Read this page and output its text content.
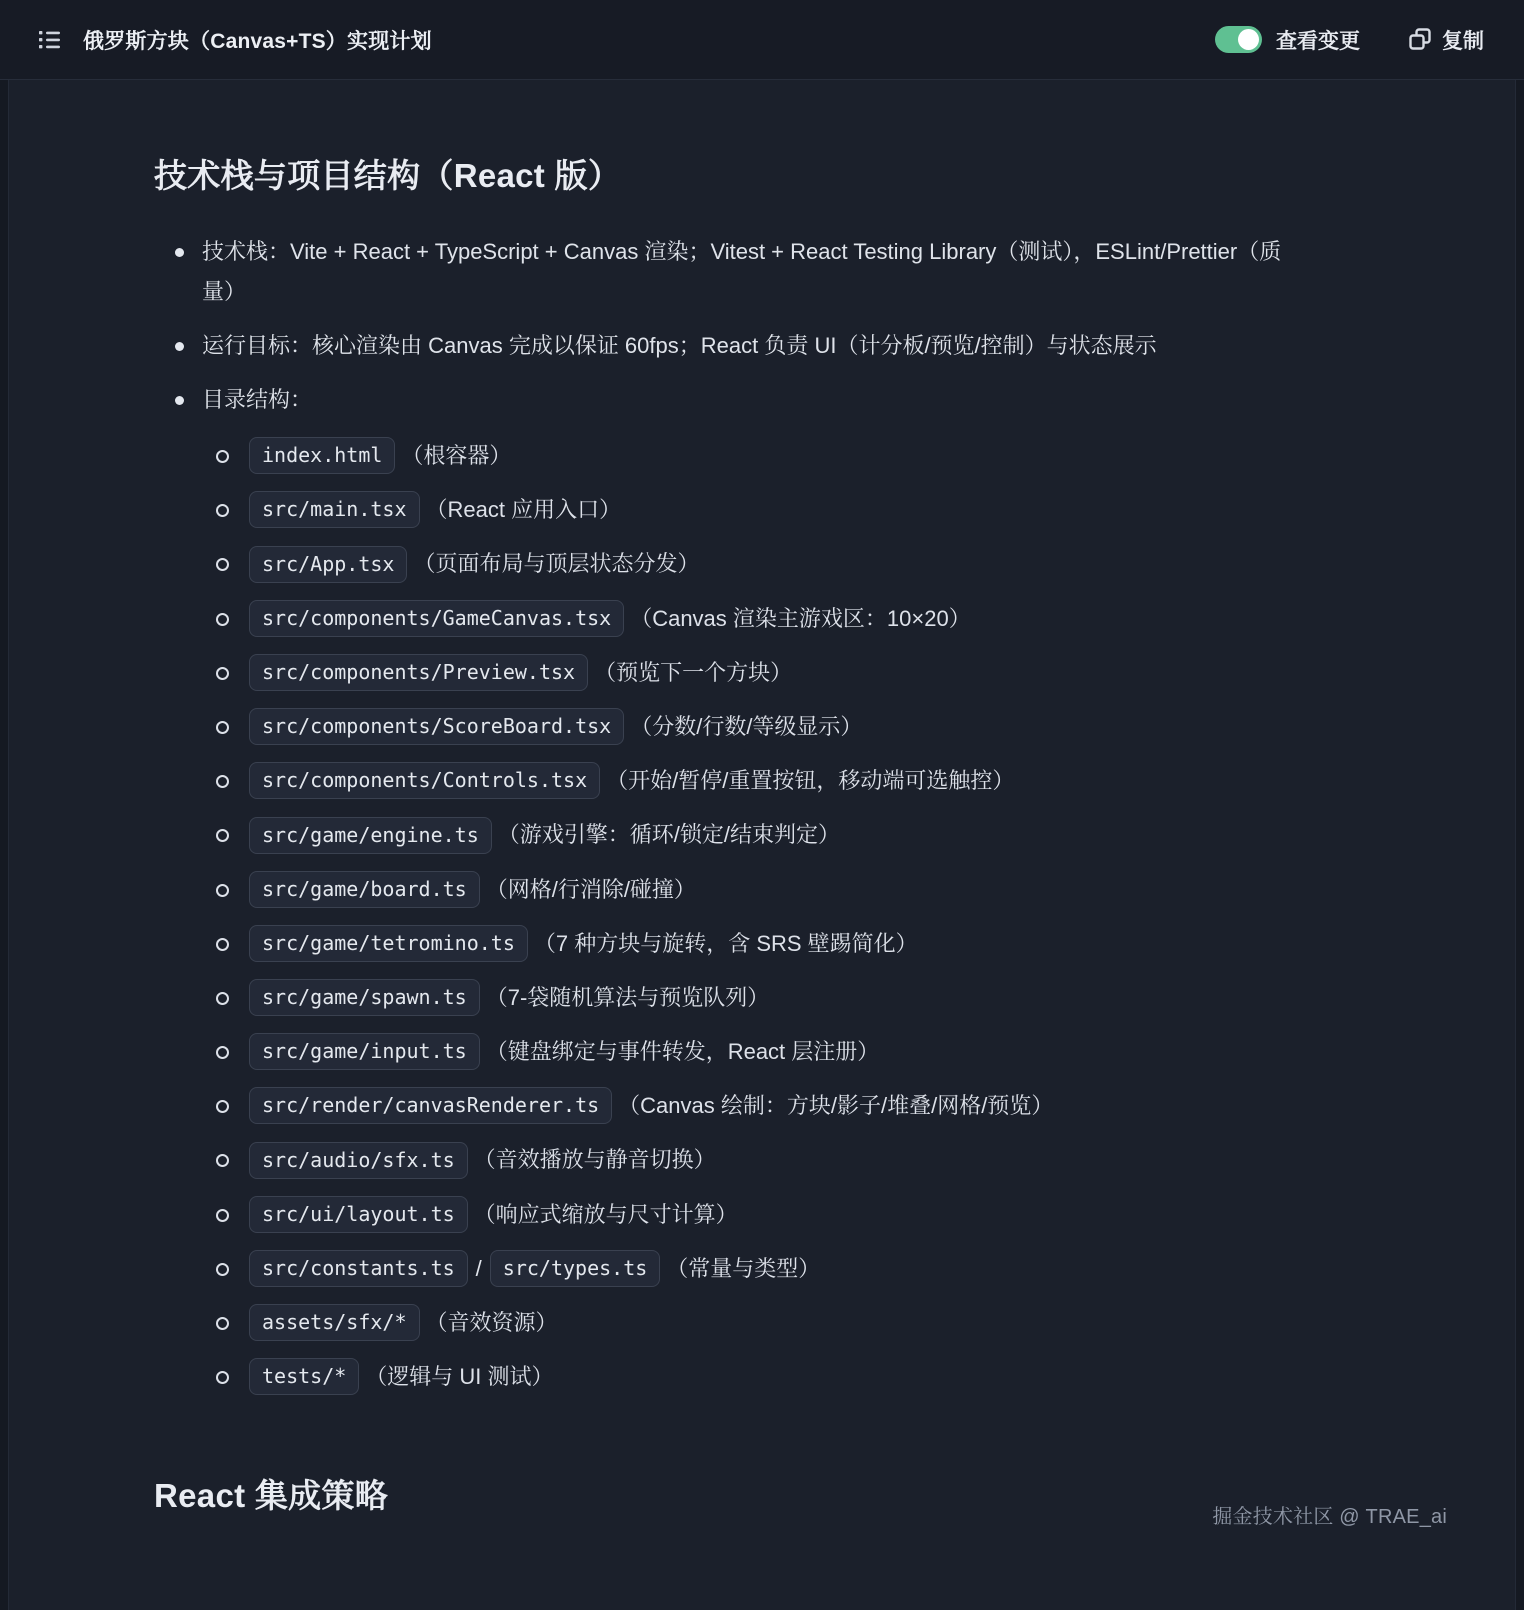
俄罗斯方块（Canvas+TS）实现计划	查看变更	复制
技术栈与项目结构（React 版）
技术栈：Vite + React + TypeScript + Canvas 渲染；Vitest + React Testing Library（测试），ESLint/Prettier（质量）
运行目标：核心渲染由 Canvas 完成以保证 60fps；React 负责 UI（计分板/预览/控制）与状态展示
目录结构：
index.html （根容器）
src/main.tsx （React 应用入口）
src/App.tsx （页面布局与顶层状态分发）
src/components/GameCanvas.tsx （Canvas 渲染主游戏区：10×20）
src/components/Preview.tsx （预览下一个方块）
src/components/ScoreBoard.tsx （分数/行数/等级显示）
src/components/Controls.tsx （开始/暂停/重置按钮，移动端可选触控）
src/game/engine.ts （游戏引擎：循环/锁定/结束判定）
src/game/board.ts （网格/行消除/碰撞）
src/game/tetromino.ts （7 种方块与旋转，含 SRS 壁踢简化）
src/game/spawn.ts （7-袋随机算法与预览队列）
src/game/input.ts （键盘绑定与事件转发，React 层注册）
src/render/canvasRenderer.ts （Canvas 绘制：方块/影子/堆叠/网格/预览）
src/audio/sfx.ts （音效播放与静音切换）
src/ui/layout.ts （响应式缩放与尺寸计算）
src/constants.ts / src/types.ts （常量与类型）
assets/sfx/* （音效资源）
tests/* （逻辑与 UI 测试）
React 集成策略
掘金技术社区 @ TRAE_ai
